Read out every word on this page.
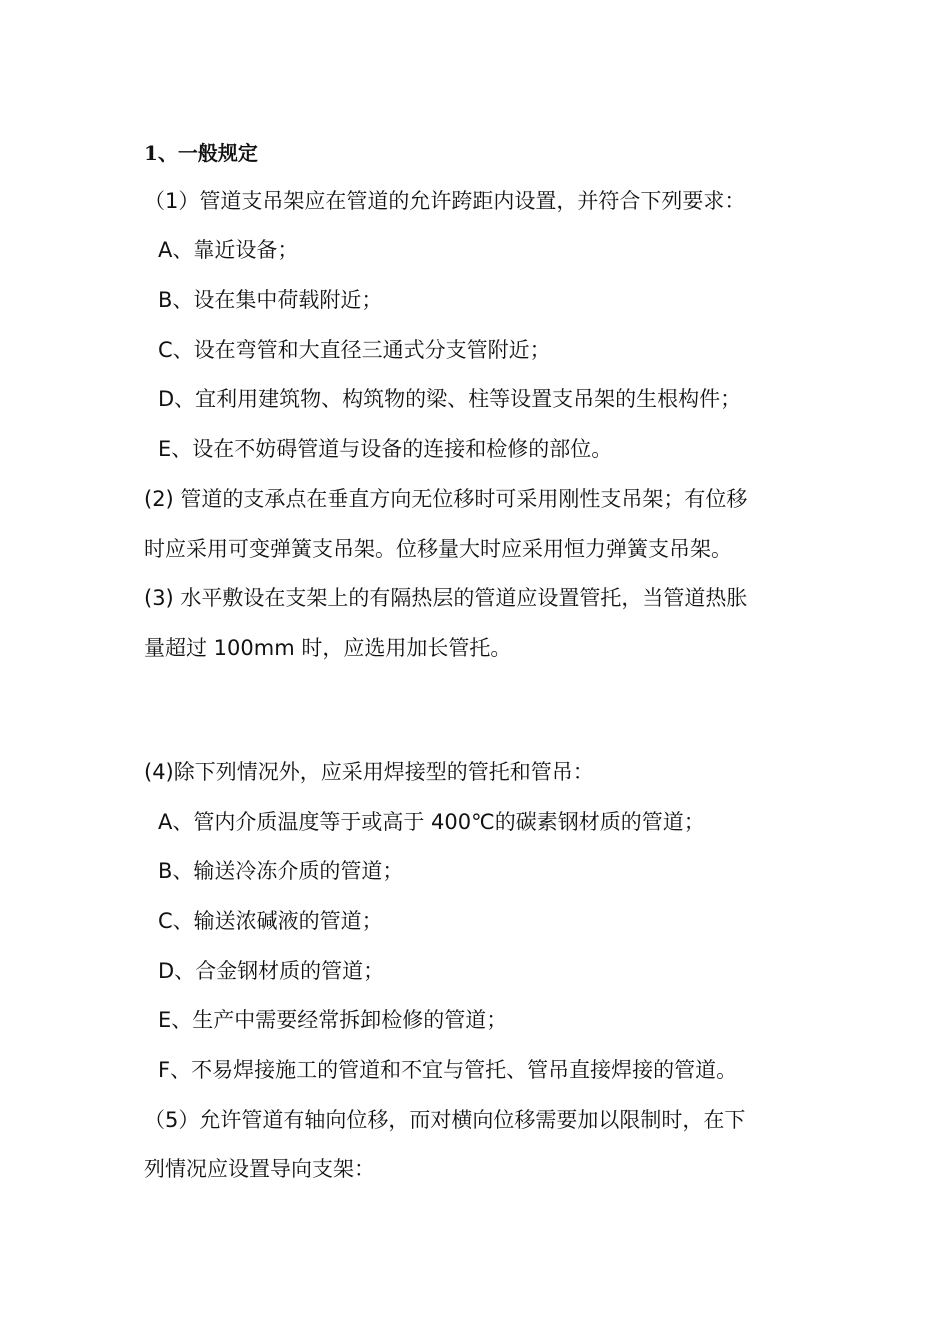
1、一般规定
（1）管道支吊架应在管道的允许跨距内设置，并符合下列要求：
A、靠近设备；
B、设在集中荷载附近；
C、设在弯管和大直径三通式分支管附近；
D、宜利用建筑物、构筑物的梁、柱等设置支吊架的生根构件；
E、设在不妨碍管道与设备的连接和检修的部位。
(2) 管道的支承点在垂直方向无位移时可采用刚性支吊架；有位移
时应采用可变弹簧支吊架。位移量大时应采用恒力弹簧支吊架。
(3) 水平敷设在支架上的有隔热层的管道应设置管托，当管道热胀
量超过 100mm 时，应选用加长管托。
(4)除下列情况外，应采用焊接型的管托和管吊：
A、管内介质温度等于或高于 400℃的碳素钢材质的管道；
B、输送冷冻介质的管道；
C、输送浓碱液的管道；
D、合金钢材质的管道；
E、生产中需要经常拆卸检修的管道；
F、不易焊接施工的管道和不宜与管托、管吊直接焊接的管道。
（5）允许管道有轴向位移，而对横向位移需要加以限制时，在下
列情况应设置导向支架：
